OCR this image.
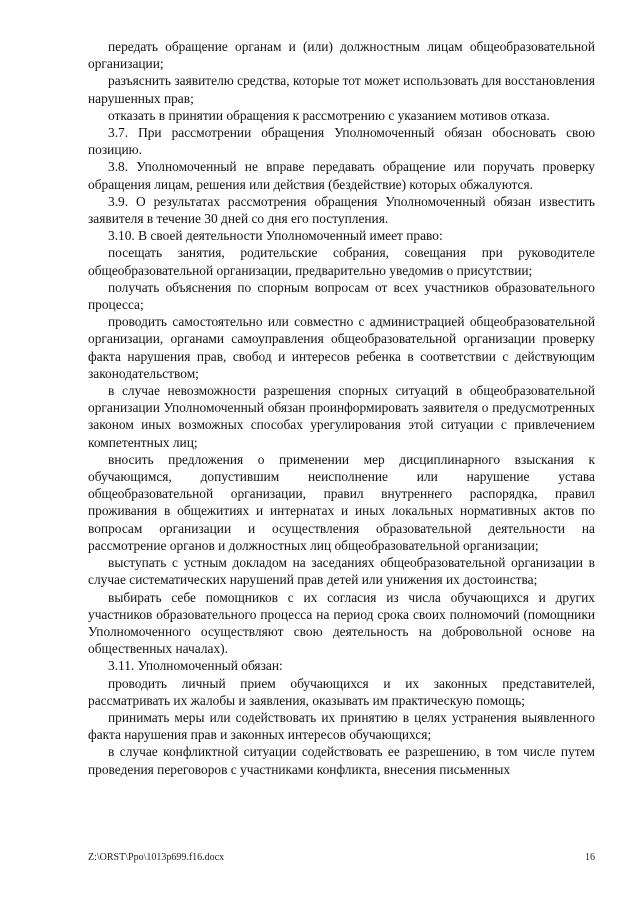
передать обращение органам и (или) должностным лицам общеобразовательной организации;

разъяснить заявителю средства, которые тот может использовать для восстановления нарушенных прав;

отказать в принятии обращения к рассмотрению с указанием мотивов отказа.

3.7. При рассмотрении обращения Уполномоченный обязан обосновать свою позицию.

3.8. Уполномоченный не вправе передавать обращение или поручать проверку обращения лицам, решения или действия (бездействие) которых обжалуются.

3.9. О результатах рассмотрения обращения Уполномоченный обязан известить заявителя в течение 30 дней со дня его поступления.

3.10. В своей деятельности Уполномоченный имеет право:

посещать занятия, родительские собрания, совещания при руководителе общеобразовательной организации, предварительно уведомив о присутствии;

получать объяснения по спорным вопросам от всех участников образовательного процесса;

проводить самостоятельно или совместно с администрацией общеобразовательной организации, органами самоуправления общеобразовательной организации проверку факта нарушения прав, свобод и интересов ребенка в соответствии с действующим законодательством;

в случае невозможности разрешения спорных ситуаций в общеобразовательной организации Уполномоченный обязан проинформировать заявителя о предусмотренных законом иных возможных способах урегулирования этой ситуации с привлечением компетентных лиц;

вносить предложения о применении мер дисциплинарного взыскания к обучающимся, допустившим неисполнение или нарушение устава общеобразовательной организации, правил внутреннего распорядка, правил проживания в общежитиях и интернатах и иных локальных нормативных актов по вопросам организации и осуществления образовательной деятельности на рассмотрение органов и должностных лиц общеобразовательной организации;

выступать с устным докладом на заседаниях общеобразовательной организации в случае систематических нарушений прав детей или унижения их достоинства;

выбирать себе помощников с их согласия из числа обучающихся и других участников образовательного процесса на период срока своих полномочий (помощники Уполномоченного осуществляют свою деятельность на добровольной основе на общественных началах).

3.11. Уполномоченный обязан:

проводить личный прием обучающихся и их законных представителей, рассматривать их жалобы и заявления, оказывать им практическую помощь;

принимать меры или содействовать их принятию в целях устранения выявленного факта нарушения прав и законных интересов обучающихся;

в случае конфликтной ситуации содействовать ее разрешению, в том числе путем проведения переговоров с участниками конфликта, внесения письменных

Z:\ORST\Ppo\1013p699.f16.docx	16
